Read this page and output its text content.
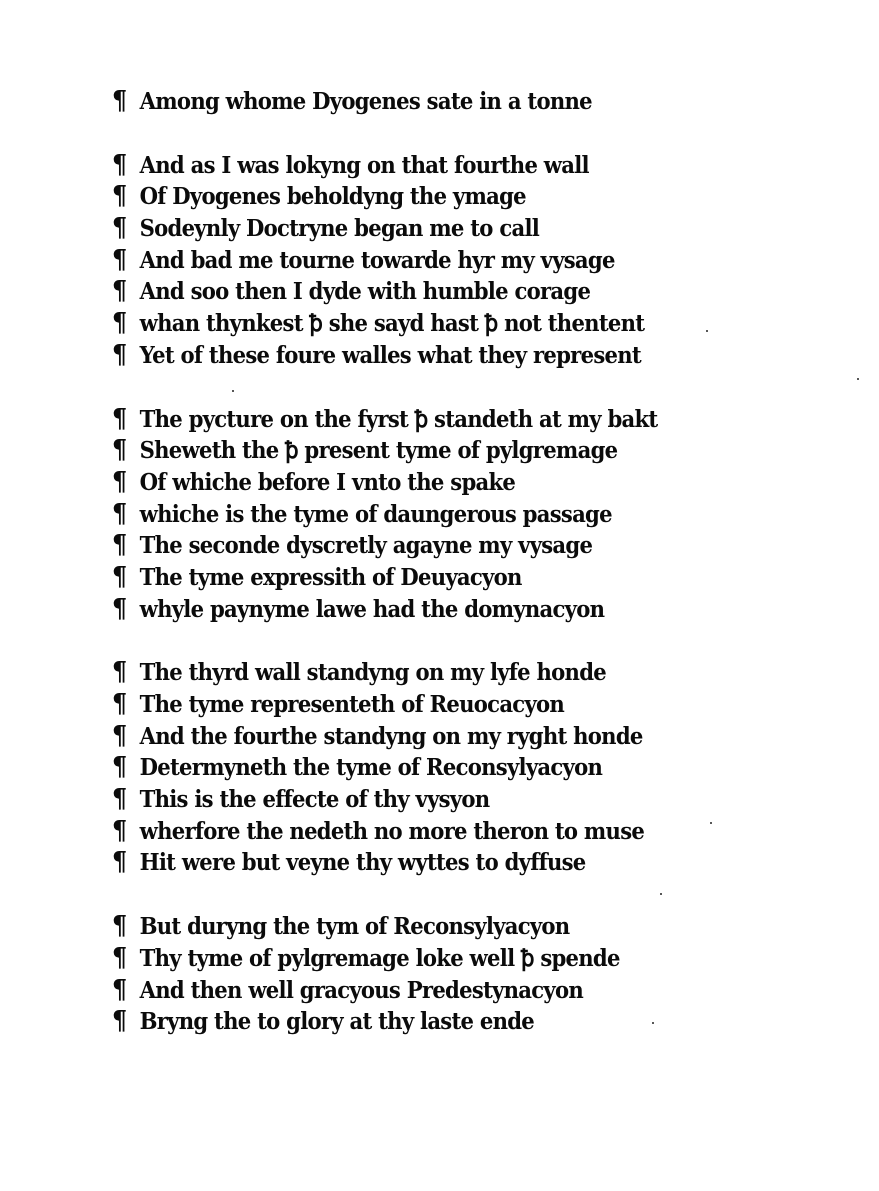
¶ Among whome Dyogenes sate in a tonne
¶ And as I was lokyng on that fourthe wall
¶ Of Dyogenes beholdyng the ymage
¶ Sodeynly Doctryne began me to call
¶ And bad me tourne towarde hyr my vysage
¶ And soo then I dyde with humble corage
¶ whan thynkest ꝥ she sayd hast ꝥ not thentent
¶ Yet of these foure walles what they represent
¶ The pycture on the fyrst ꝥ standeth at my bakt
¶ Sheweth the ꝥ present tyme of pylgremage
¶ Of whiche before I vnto the spake
¶ whiche is the tyme of daungerous passage
¶ The seconde dyscretly agayne my vysage
¶ The tyme expressith of Deuyacyon
¶ whyle paynyme lawe had the domynacyon
¶ The thyrd wall standyng on my lyfe honde
¶ The tyme representeth of Reuocacyon
¶ And the fourthe standyng on my ryght honde
¶ Determyneth the tyme of Reconsylyacyon
¶ This is the effecte of thy vysyon
¶ wherfore the nedeth no more theron to muse
¶ Hit were but veyne thy wyttes to dyffuse
¶ But duryng the tym of Reconsylyacyon
¶ Thy tyme of pylgremage loke well ꝥ spende
¶ And then well gracyous Predestynacyon
¶ Bryng the to glory at thy laste ende
